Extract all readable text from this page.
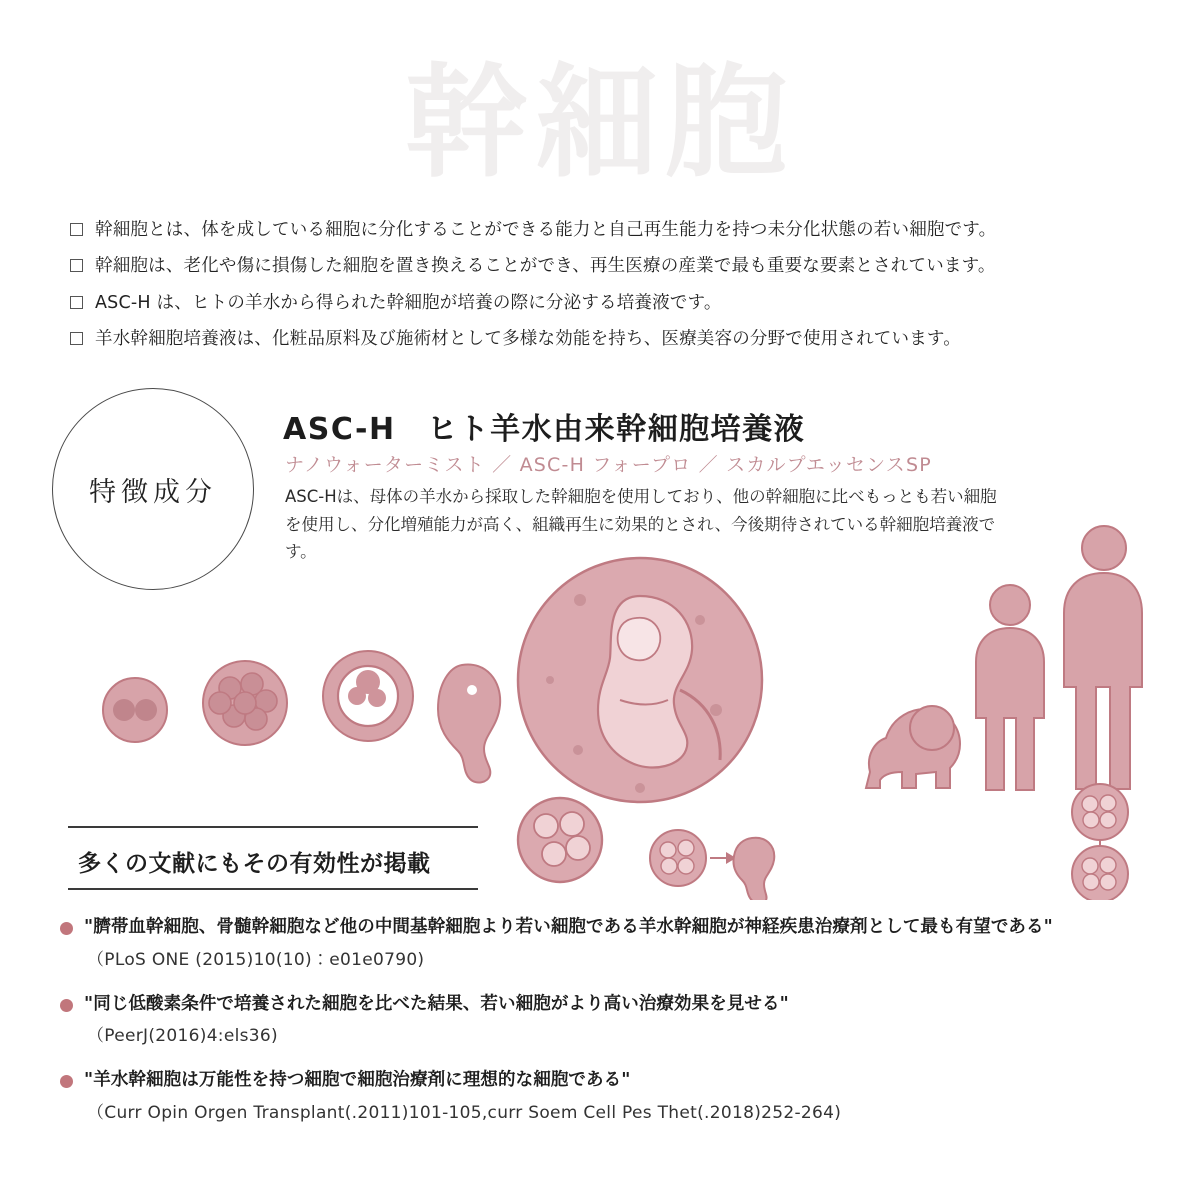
幹細胞
幹細胞とは、体を成している細胞に分化することができる能力と自己再生能力を持つ未分化状態の若い細胞です。
幹細胞は、老化や傷に損傷した細胞を置き換えることができ、再生医療の産業で最も重要な要素とされています。
ASC-H は、ヒトの羊水から得られた幹細胞が培養の際に分泌する培養液です。
羊水幹細胞培養液は、化粧品原料及び施術材として多様な効能を持ち、医療美容の分野で使用されています。
特徴成分
ASC-H　ヒト羊水由来幹細胞培養液
ナノウォーターミスト ／ ASC-H フォープロ ／ スカルプエッセンスSP
ASC-Hは、母体の羊水から採取した幹細胞を使用しており、他の幹細胞に比べもっとも若い細胞を使用し、分化増殖能力が高く、組織再生に効果的とされ、今後期待されている幹細胞培養液です。
多くの文献にもその有効性が掲載
"臍帯血幹細胞、骨髄幹細胞など他の中間基幹細胞より若い細胞である羊水幹細胞が神経疾患治療剤として最も有望である"
（PLoS ONE (2015)10(10)：e01e0790)
"同じ低酸素条件で培養された細胞を比べた結果、若い細胞がより高い治療効果を見せる"
（PeerJ(2016)4:els36)
"羊水幹細胞は万能性を持つ細胞で細胞治療剤に理想的な細胞である"
（Curr Opin Orgen Transplant(.2011)101-105,curr Soem Cell Pes Thet(.2018)252-264)
